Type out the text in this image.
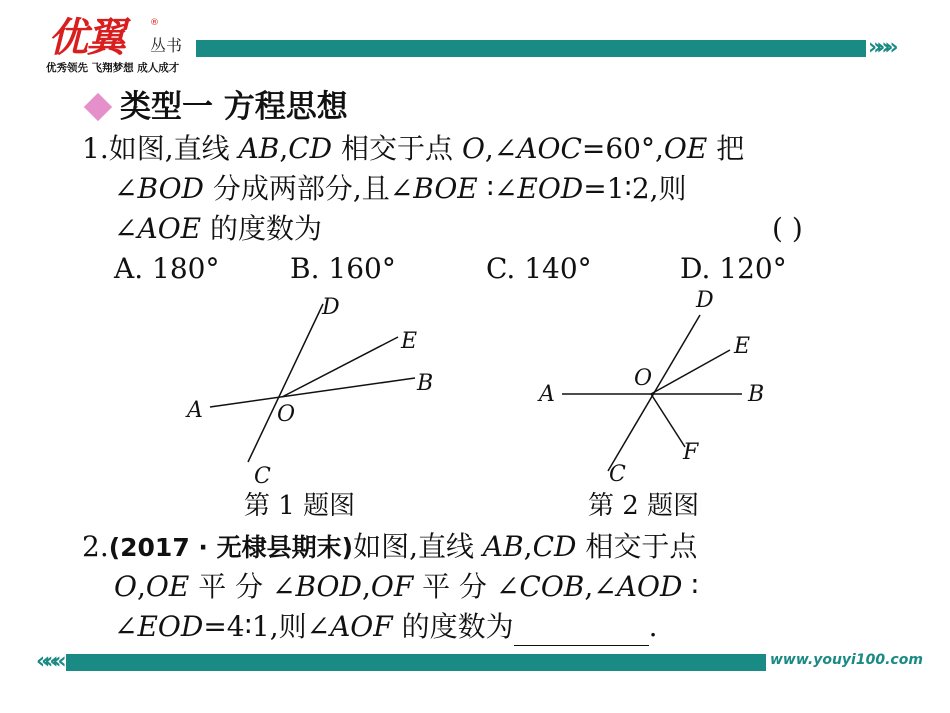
优翼	®
丛书
优秀领先 飞翔梦想 成人成才
»»»
类型一 方程思想
1.如图,直线 AB,CD 相交于点 O,∠AOC=60°,OE 把
∠BOD 分成两部分,且∠BOE ∶∠EOD=1∶2,则
∠AOE 的度数为	( )
A. 180°	B. 160°	C. 140°	D. 120°
D
E
B
A	O
C
第 1 题图
D
E
O
A	B
F
C
第 2 题图
2.(2017 · 无棣县期末)如图,直线 AB,CD 相交于点
O,OE 平 分 ∠BOD,OF 平 分 ∠COB,∠AOD ∶
∠EOD=4∶1,则∠AOF 的度数为	.
«««	www.youyi100.com
